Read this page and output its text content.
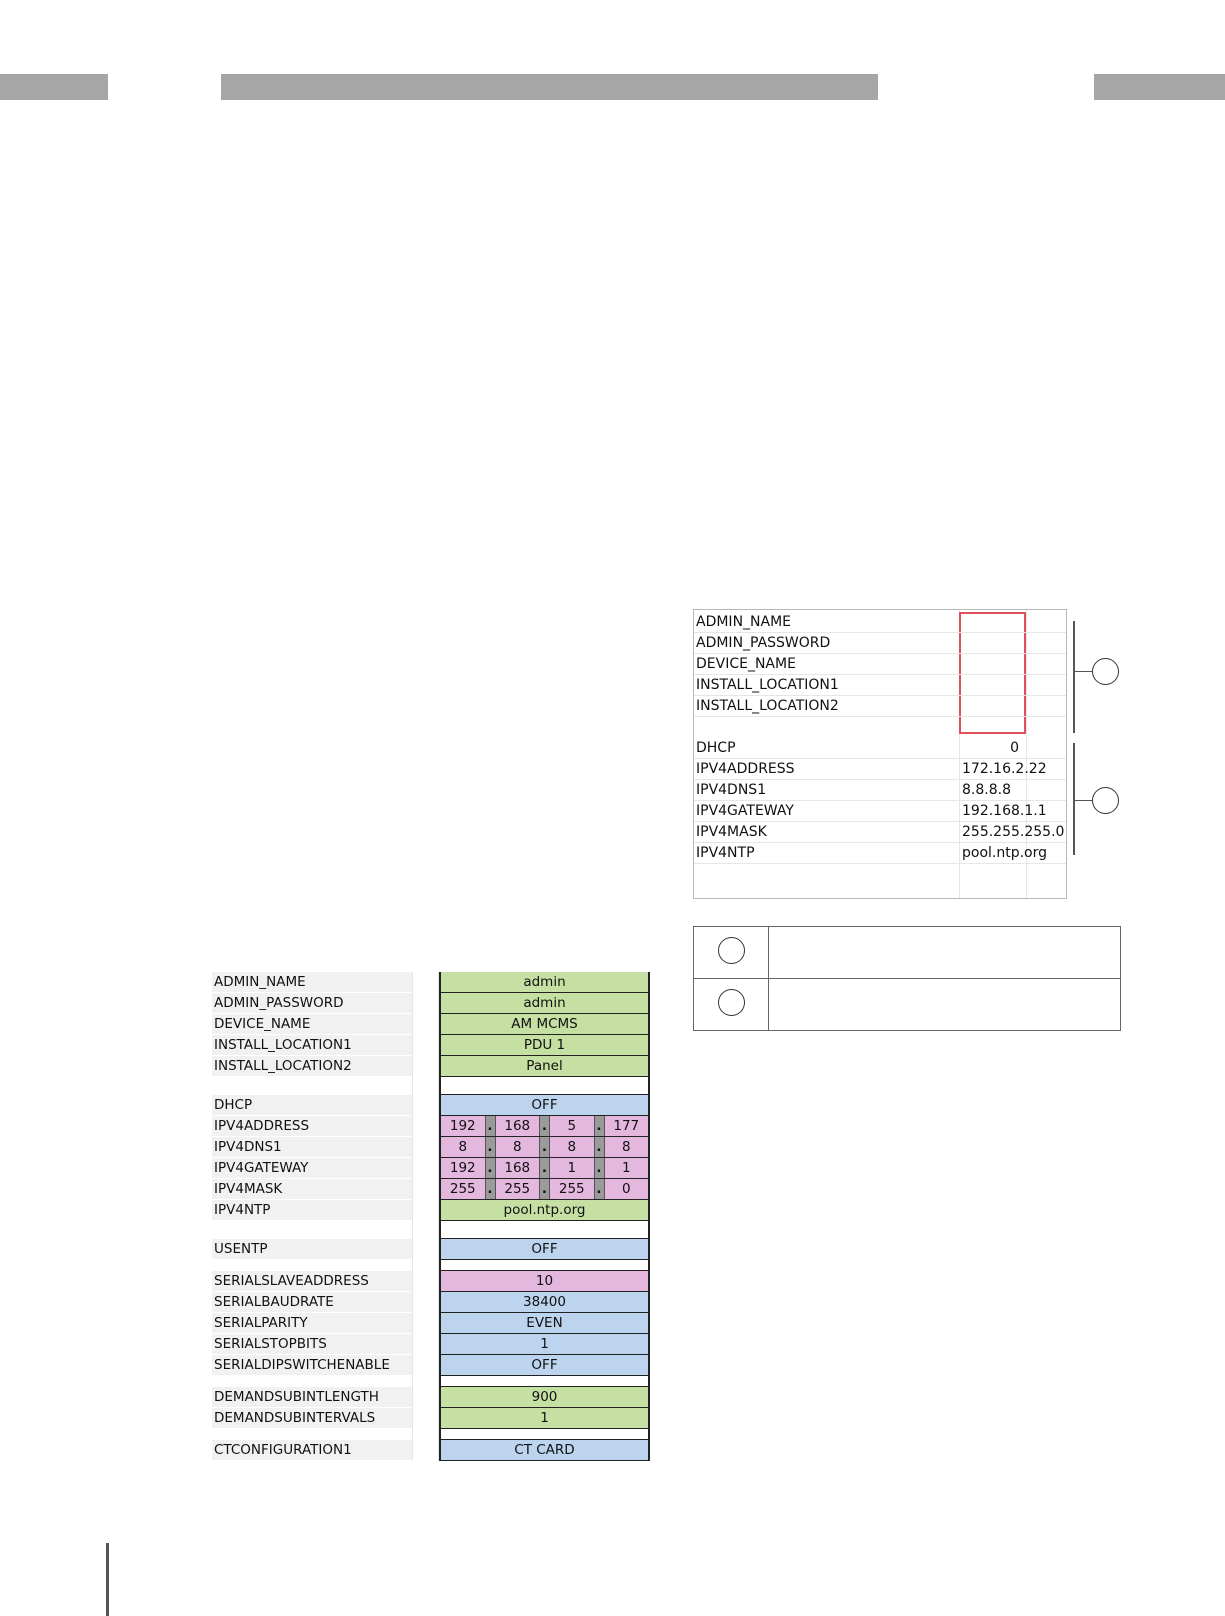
ADMIN_NAME	admin
ADMIN_PASSWORD	admin
DEVICE_NAME	AM MCMS
INSTALL_LOCATION1	PDU 1
INSTALL_LOCATION2	Panel
DHCP	OFF
IPV4ADDRESS	192 . 168 .	5	. 177
IPV4DNS1	8	.	8	.	8	.	8
IPV4GATEWAY	192 . 168 .	1	.	1
IPV4MASK	255 . 255 . 255 .	0
IPV4NTP	pool.ntp.org
USENTP	OFF
SERIALSLAVEADDRESS	10
SERIALBAUDRATE	38400
SERIALPARITY	EVEN
SERIALSTOPBITS	1
SERIALDIPSWITCHENABLE	OFF
DEMANDSUBINTLENGTH	900
DEMANDSUBINTERVALS	1
CTCONFIGURATION1	CT CARD
ADMIN_NAME
ADMIN_PASSWORD
DEVICE_NAME
INSTALL_LOCATION1
INSTALL_LOCATION2
DHCP	0
IPV4ADDRESS	172.16.2.22
IPV4DNS1	8.8.8.8
IPV4GATEWAY	192.168.1.1
IPV4MASK	255.255.255.0
IPV4NTP	pool.ntp.org
